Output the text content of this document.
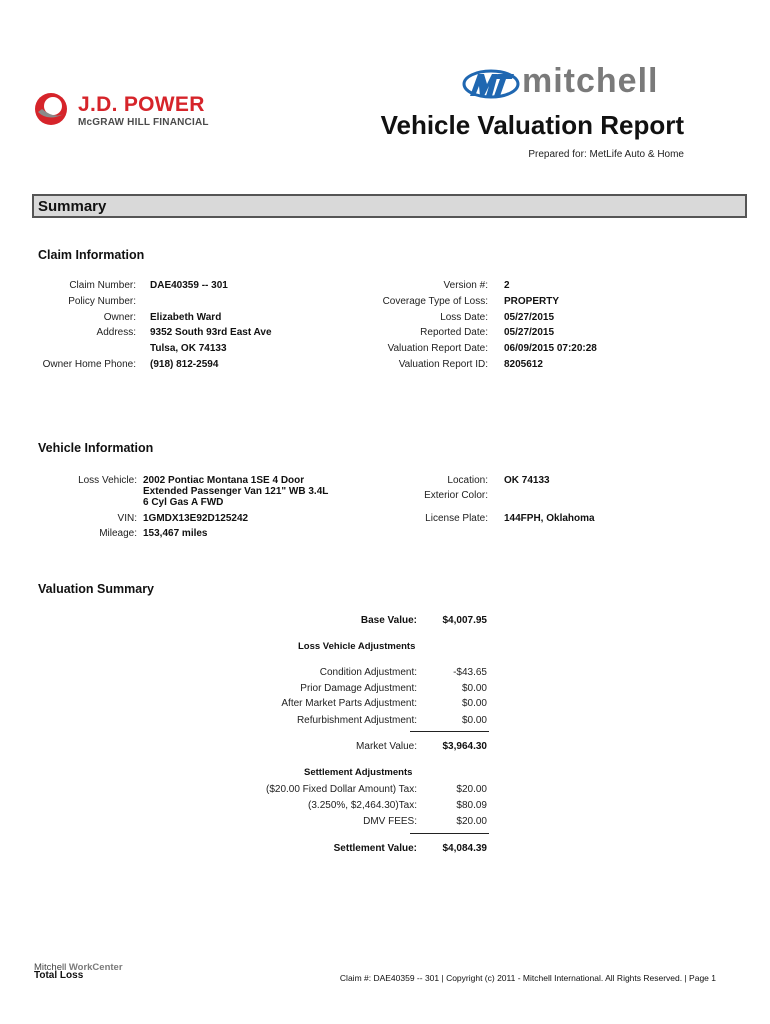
J.D. POWER
McGRAW HILL FINANCIAL
mitchell
Vehicle Valuation Report
Prepared for: MetLife Auto & Home
Summary
Claim Information
Claim Number: DAE40359 -- 301
Policy Number:
Owner: Elizabeth Ward
Address: 9352 South 93rd East Ave
Tulsa, OK 74133
Owner Home Phone: (918) 812-2594
Version #: 2
Coverage Type of Loss: PROPERTY
Loss Date: 05/27/2015
Reported Date: 05/27/2015
Valuation Report Date: 06/09/2015 07:20:28
Valuation Report ID: 8205612
Vehicle Information
Loss Vehicle: 2002 Pontiac Montana 1SE 4 Door
Extended Passenger Van 121" WB 3.4L
6 Cyl Gas A FWD
VIN: 1GMDX13E92D125242
Mileage: 153,467 miles
Location: OK 74133
Exterior Color:
License Plate: 144FPH, Oklahoma
Valuation Summary
Base Value:	$4,007.95
Loss Vehicle Adjustments
Condition Adjustment:	-$43.65
Prior Damage Adjustment:	$0.00
After Market Parts Adjustment:	$0.00
Refurbishment Adjustment:	$0.00
Market Value:	$3,964.30
Settlement Adjustments
($20.00 Fixed Dollar Amount) Tax:	$20.00
(3.250%, $2,464.30)Tax:	$80.09
DMV FEES:	$20.00
Settlement Value:	$4,084.39
Mitchell WorkCenter
Total Loss	Claim #: DAE40359 -- 301 | Copyright (c) 2011 - Mitchell International. All Rights Reserved. | Page 1
